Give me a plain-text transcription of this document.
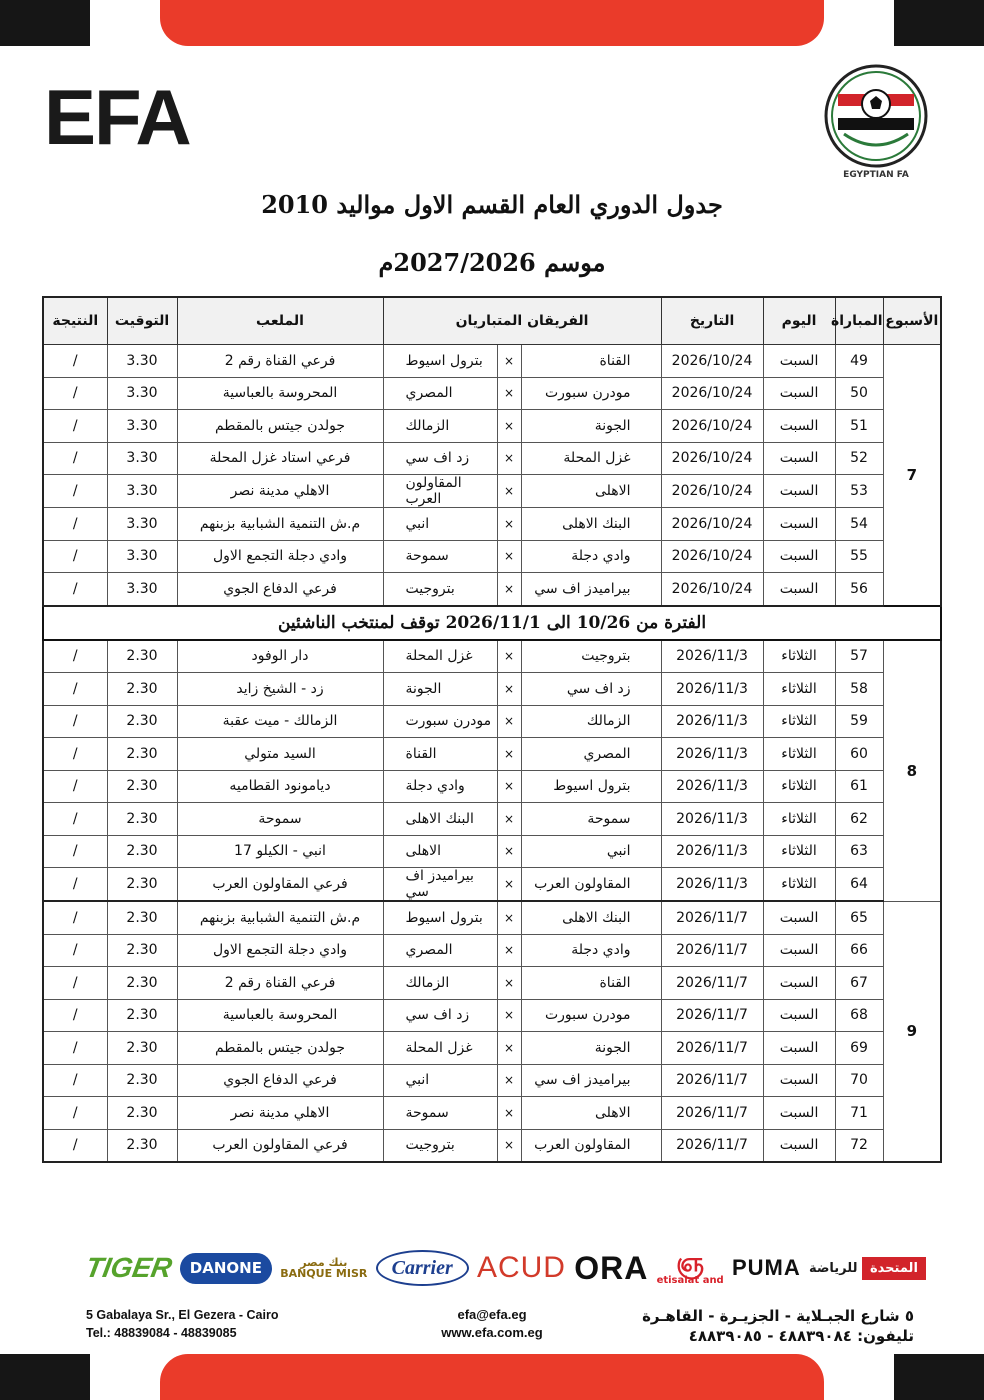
EFA
EGYPTIAN FA
جدول الدوري العام القسم الاول مواليد 2010
موسم 2027/2026م
الأسبوع	المباراة	اليوم	التاريخ	الفريقان المتباريان			الملعب	التوقيت	النتيجة
7	49	السبت	2026/10/24	القناة	×	بترول اسيوط	فرعي القناة رقم 2	3.30	/
	50	السبت	2026/10/24	مودرن سبورت	×	المصري	المحروسة بالعباسية	3.30	/
	51	السبت	2026/10/24	الجونة	×	الزمالك	جولدن جيتس بالمقطم	3.30	/
	52	السبت	2026/10/24	غزل المحلة	×	زد اف سي	فرعي استاد غزل المحلة	3.30	/
	53	السبت	2026/10/24	الاهلى	×	المقاولون العرب	الاهلي مدينة نصر	3.30	/
	54	السبت	2026/10/24	البنك الاهلى	×	انبي	م.ش التنمية الشبابية بزبنهم	3.30	/
	55	السبت	2026/10/24	وادي دجلة	×	سموحة	وادي دجلة التجمع الاول	3.30	/
	56	السبت	2026/10/24	بيراميدز اف سي	×	بتروجيت	فرعي الدفاع الجوي	3.30	/
الفترة من 10/26 الى 2026/11/1 توقف لمنتخب الناشئين									
8	57	الثلاثاء	2026/11/3	بتروجيت	×	غزل المحلة	دار الوفود	2.30	/
	58	الثلاثاء	2026/11/3	زد اف سي	×	الجونة	زد - الشيخ زايد	2.30	/
	59	الثلاثاء	2026/11/3	الزمالك	×	مودرن سبورت	الزمالك - ميت عقبة	2.30	/
	60	الثلاثاء	2026/11/3	المصري	×	القناة	السيد متولي	2.30	/
	61	الثلاثاء	2026/11/3	بترول اسيوط	×	وادي دجلة	ديامونود القطاميه	2.30	/
	62	الثلاثاء	2026/11/3	سموحة	×	البنك الاهلى	سموحة	2.30	/
	63	الثلاثاء	2026/11/3	انبي	×	الاهلى	انبي - الكيلو 17	2.30	/
	64	الثلاثاء	2026/11/3	المقاولون العرب	×	بيراميدز اف سي	فرعي المقاولون العرب	2.30	/
9	65	السبت	2026/11/7	البنك الاهلى	×	بترول اسيوط	م.ش التنمية الشبابية بزبنهم	2.30	/
	66	السبت	2026/11/7	وادي دجلة	×	المصري	وادي دجلة التجمع الاول	2.30	/
	67	السبت	2026/11/7	القناة	×	الزمالك	فرعي القناة رقم 2	2.30	/
	68	السبت	2026/11/7	مودرن سبورت	×	زد اف سي	المحروسة بالعباسية	2.30	/
	69	السبت	2026/11/7	الجونة	×	غزل المحلة	جولدن جيتس بالمقطم	2.30	/
	70	السبت	2026/11/7	بيراميدز اف سي	×	انبي	فرعي الدفاع الجوي	2.30	/
	71	السبت	2026/11/7	الاهلى	×	سموحة	الاهلي مدينة نصر	2.30	/
	72	السبت	2026/11/7	المقاولون العرب	×	بتروجيت	فرعي المقاولون العرب	2.30	/
TIGER	DANONE	بنك مصر
BANQUE MISR	Carrier ACUD ORA	ஞ
etisalat and
PUMA	المتحدة للرياضة
5 Gabalaya Sr., El Gezera - Cairo
Tel.: 48839084 - 48839085
efa@efa.eg
www.efa.com.eg
٥ شارع الجبـلاية - الجزيـرة - القاهـرة
تليفون: ٤٨٨٣٩٠٨٤ - ٤٨٨٣٩٠٨٥
